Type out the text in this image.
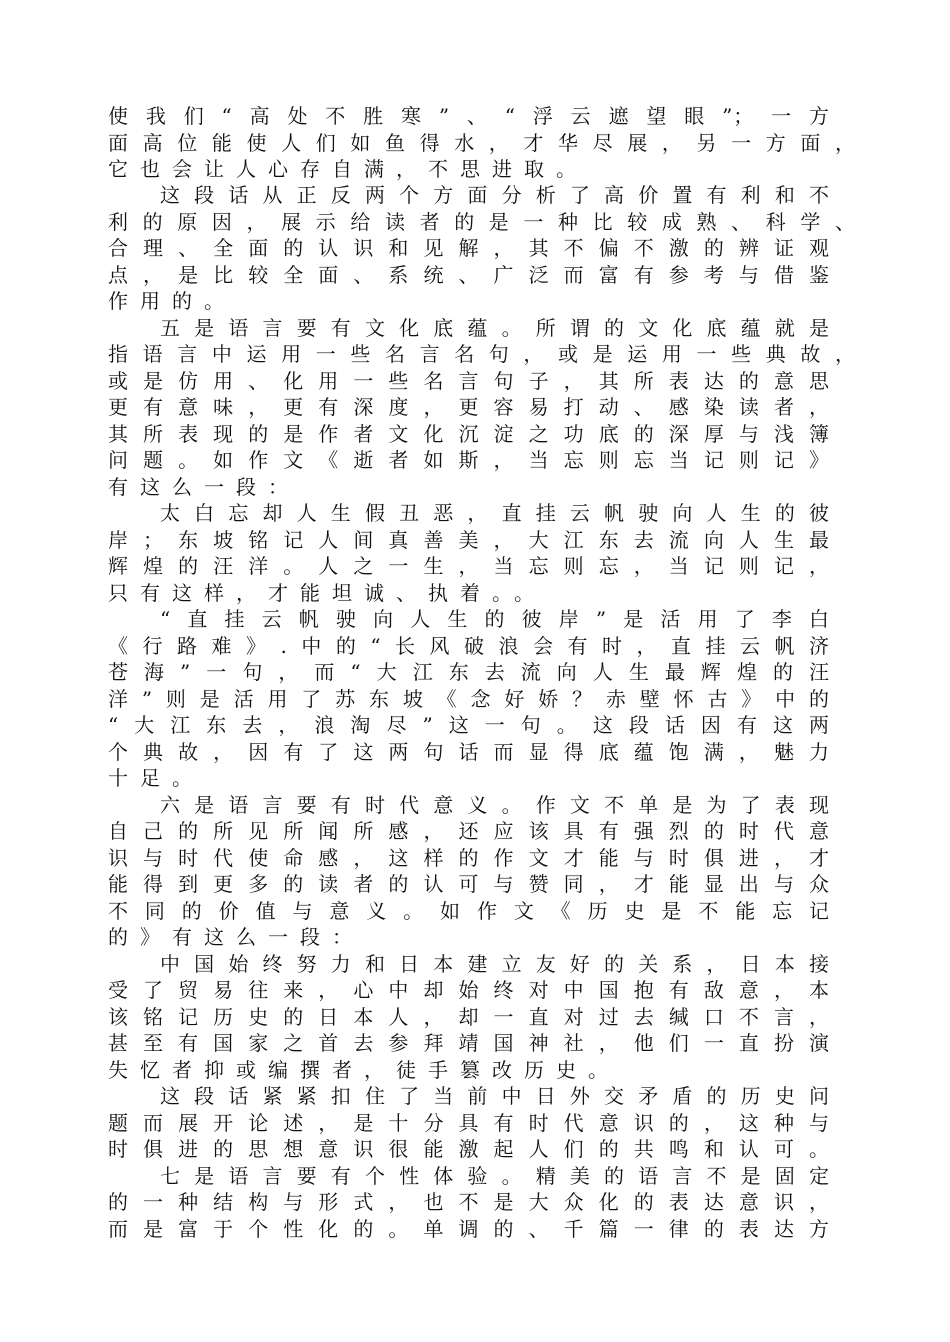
使我们“高处不胜寒”、“浮云遮望眼”；一方
面高位能使人们如鱼得水，才华尽展，另一方面，
它也会让人心存自满，不思进取。
这段话从正反两个方面分析了高价置有利和不
利的原因，展示给读者的是一种比较成熟、科学、
合理、全面的认识和见解，其不偏不激的辨证观
点，是比较全面、系统、广泛而富有参考与借鉴
作用的。
五是语言要有文化底蕴。所谓的文化底蕴就是
指语言中运用一些名言名句，或是运用一些典故，
或是仿用、化用一些名言句子，其所表达的意思
更有意味，更有深度，更容易打动、感染读者，
其所表现的是作者文化沉淀之功底的深厚与浅簿
问题。如作文《逝者如斯，当忘则忘当记则记》
有这么一段：
太白忘却人生假丑恶，直挂云帆驶向人生的彼
岸；东坡铭记人间真善美，大江东去流向人生最
辉煌的汪洋。人之一生，当忘则忘，当记则记，
只有这样，才能坦诚、执着。。
“直挂云帆驶向人生的彼岸”是活用了李白
《行路难》.中的“长风破浪会有时，直挂云帆济
苍海”一句，而“大江东去流向人生最辉煌的汪
洋”则是活用了苏东坡《念好娇？赤壁怀古》中的
“大江东去，浪淘尽”这一句。这段话因有这两
个典故，因有了这两句话而显得底蕴饱满，魅力
十足。
六是语言要有时代意义。作文不单是为了表现
自己的所见所闻所感，还应该具有强烈的时代意
识与时代使命感，这样的作文才能与时俱进，才
能得到更多的读者的认可与赞同，才能显出与众
不同的价值与意义。如作文《历史是不能忘记
的》有这么一段：
中国始终努力和日本建立友好的关系，日本接
受了贸易往来，心中却始终对中国抱有敌意，本
该铭记历史的日本人，却一直对过去缄口不言，
甚至有国家之首去参拜靖国神社，他们一直扮演
失忆者抑或编撰者，徒手篡改历史。
这段话紧紧扣住了当前中日外交矛盾的历史问
题而展开论述，是十分具有时代意识的，这种与
时俱进的思想意识很能激起人们的共鸣和认可。
七是语言要有个性体验。精美的语言不是固定
的一种结构与形式，也不是大众化的表达意识，
而是富于个性化的。单调的、千篇一律的表达方
